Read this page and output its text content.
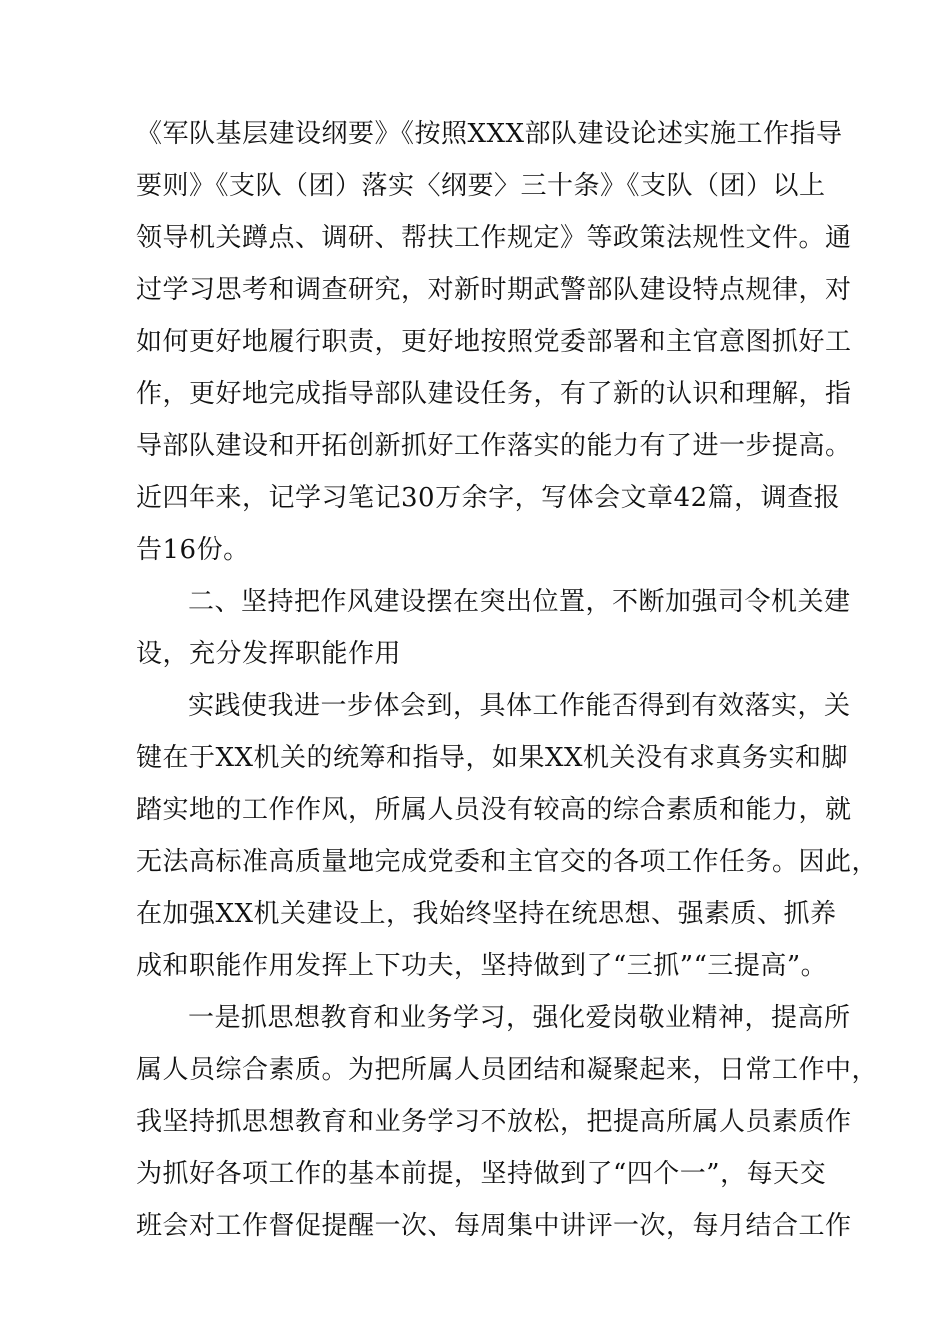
《军队基层建设纲要》《按照XXX部队建设论述实施工作指导
要则》《支队（团）落实〈纲要〉三十条》《支队（团）以上
领导机关蹲点、调研、帮扶工作规定》等政策法规性文件。通
过学习思考和调查研究，对新时期武警部队建设特点规律，对
如何更好地履行职责，更好地按照党委部署和主官意图抓好工
作，更好地完成指导部队建设任务，有了新的认识和理解，指
导部队建设和开拓创新抓好工作落实的能力有了进一步提高。
近四年来，记学习笔记30万余字，写体会文章42篇，调查报
告16份。
二、坚持把作风建设摆在突出位置，不断加强司令机关建
设，充分发挥职能作用
实践使我进一步体会到，具体工作能否得到有效落实，关
键在于XX机关的统筹和指导，如果XX机关没有求真务实和脚
踏实地的工作作风，所属人员没有较高的综合素质和能力，就
无法高标准高质量地完成党委和主官交的各项工作任务。因此，
在加强XX机关建设上，我始终坚持在统思想、强素质、抓养
成和职能作用发挥上下功夫，坚持做到了“三抓”“三提高”。
一是抓思想教育和业务学习，强化爱岗敬业精神，提高所
属人员综合素质。为把所属人员团结和凝聚起来，日常工作中，
我坚持抓思想教育和业务学习不放松，把提高所属人员素质作
为抓好各项工作的基本前提，坚持做到了“四个一”，每天交
班会对工作督促提醒一次、每周集中讲评一次，每月结合工作
